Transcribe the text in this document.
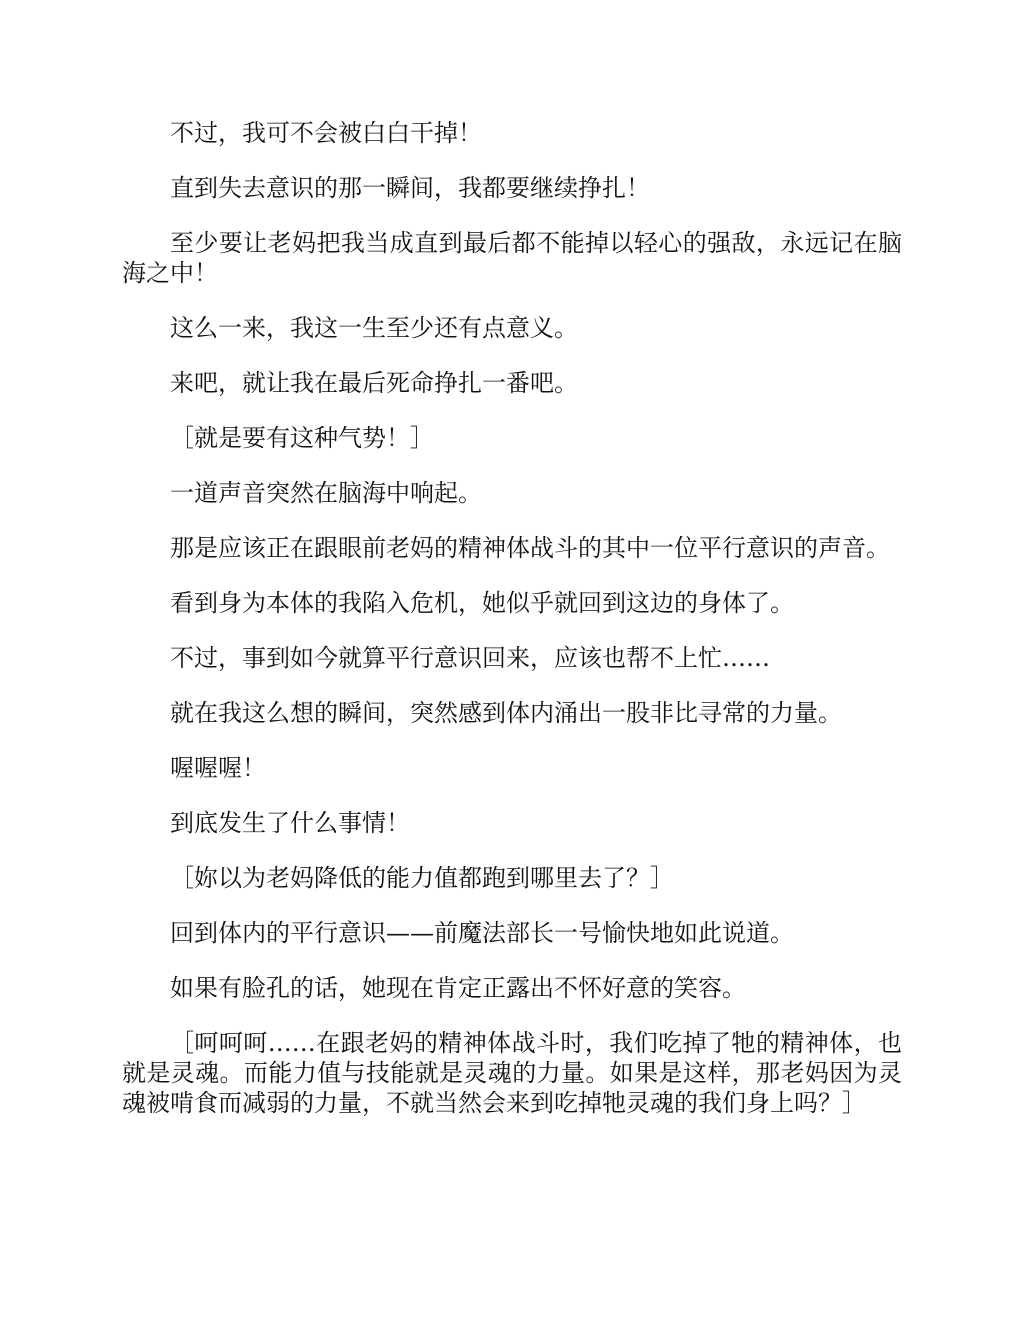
不过，我可不会被白白干掉！

直到失去意识的那一瞬间，我都要继续挣扎！

至少要让老妈把我当成直到最后都不能掉以轻心的强敌，永远记在脑海之中！

这么一来，我这一生至少还有点意义。

来吧，就让我在最后死命挣扎一番吧。

［就是要有这种气势！］

一道声音突然在脑海中响起。

那是应该正在跟眼前老妈的精神体战斗的其中一位平行意识的声音。

看到身为本体的我陷入危机，她似乎就回到这边的身体了。

不过，事到如今就算平行意识回来，应该也帮不上忙……

就在我这么想的瞬间，突然感到体内涌出一股非比寻常的力量。

喔喔喔！

到底发生了什么事情！

［妳以为老妈降低的能力值都跑到哪里去了？］

回到体内的平行意识——前魔法部长一号愉快地如此说道。

如果有脸孔的话，她现在肯定正露出不怀好意的笑容。

［呵呵呵……在跟老妈的精神体战斗时，我们吃掉了牠的精神体，也就是灵魂。而能力值与技能就是灵魂的力量。如果是这样，那老妈因为灵魂被啃食而减弱的力量，不就当然会来到吃掉牠灵魂的我们身上吗？］
